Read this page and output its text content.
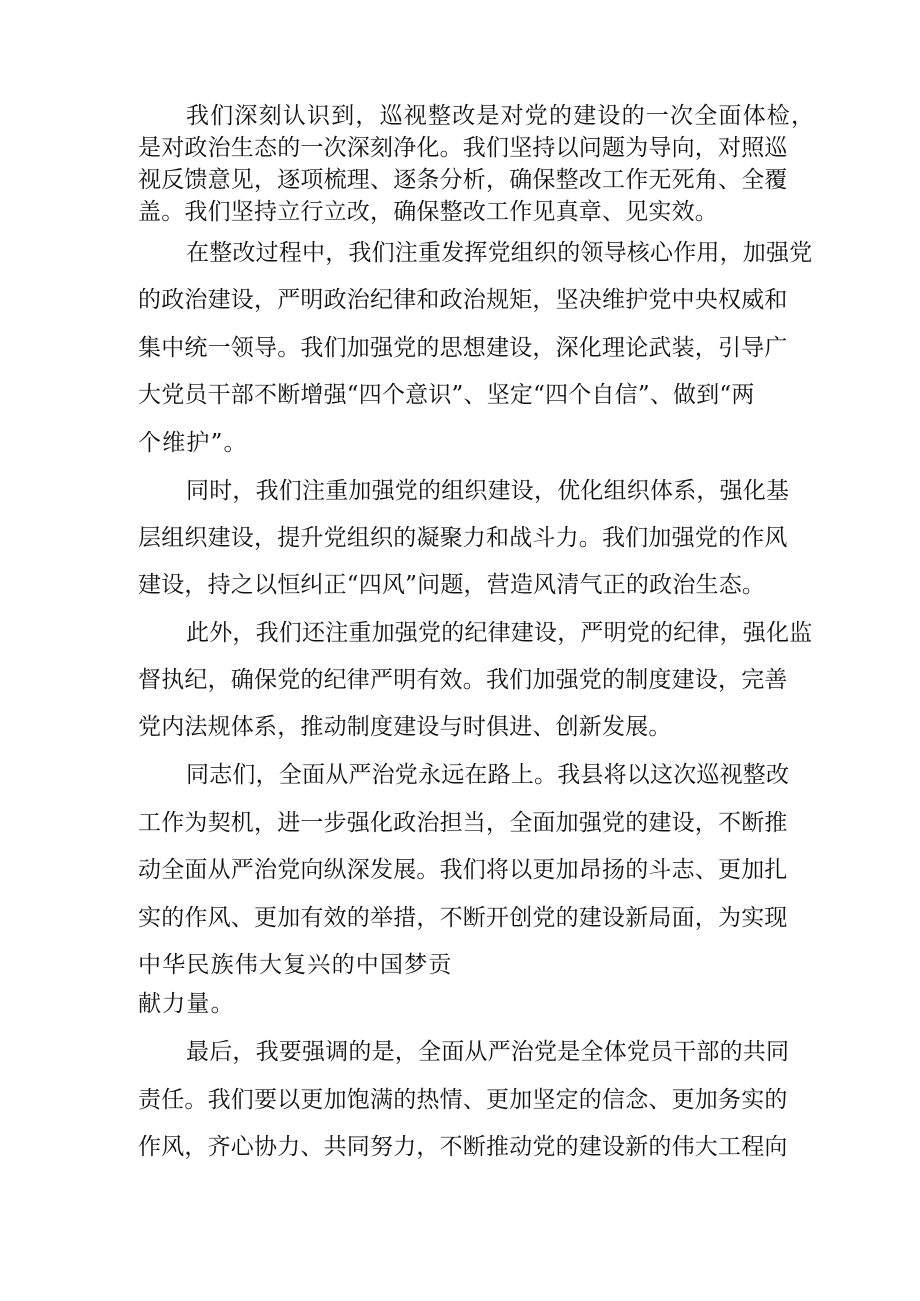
我们深刻认识到，巡视整改是对党的建设的一次全面体检，
是对政治生态的一次深刻净化。我们坚持以问题为导向，对照巡
视反馈意见，逐项梳理、逐条分析，确保整改工作无死角、全覆
盖。我们坚持立行立改，确保整改工作见真章、见实效。
在整改过程中，我们注重发挥党组织的领导核心作用，加强党
的政治建设，严明政治纪律和政治规矩，坚决维护党中央权威和
集中统一领导。我们加强党的思想建设，深化理论武装，引导广
大党员干部不断增强“四个意识”、坚定“四个自信”、做到“两
个维护”。
同时，我们注重加强党的组织建设，优化组织体系，强化基
层组织建设，提升党组织的凝聚力和战斗力。我们加强党的作风
建设，持之以恒纠正“四风”问题，营造风清气正的政治生态。
此外，我们还注重加强党的纪律建设，严明党的纪律，强化监
督执纪，确保党的纪律严明有效。我们加强党的制度建设，完善
党内法规体系，推动制度建设与时俱进、创新发展。
同志们，全面从严治党永远在路上。我县将以这次巡视整改
工作为契机，进一步强化政治担当，全面加强党的建设，不断推
动全面从严治党向纵深发展。我们将以更加昂扬的斗志、更加扎
实的作风、更加有效的举措，不断开创党的建设新局面，为实现
中华民族伟大复兴的中国梦贡
献力量。
最后，我要强调的是，全面从严治党是全体党员干部的共同
责任。我们要以更加饱满的热情、更加坚定的信念、更加务实的
作风，齐心协力、共同努力，不断推动党的建设新的伟大工程向
